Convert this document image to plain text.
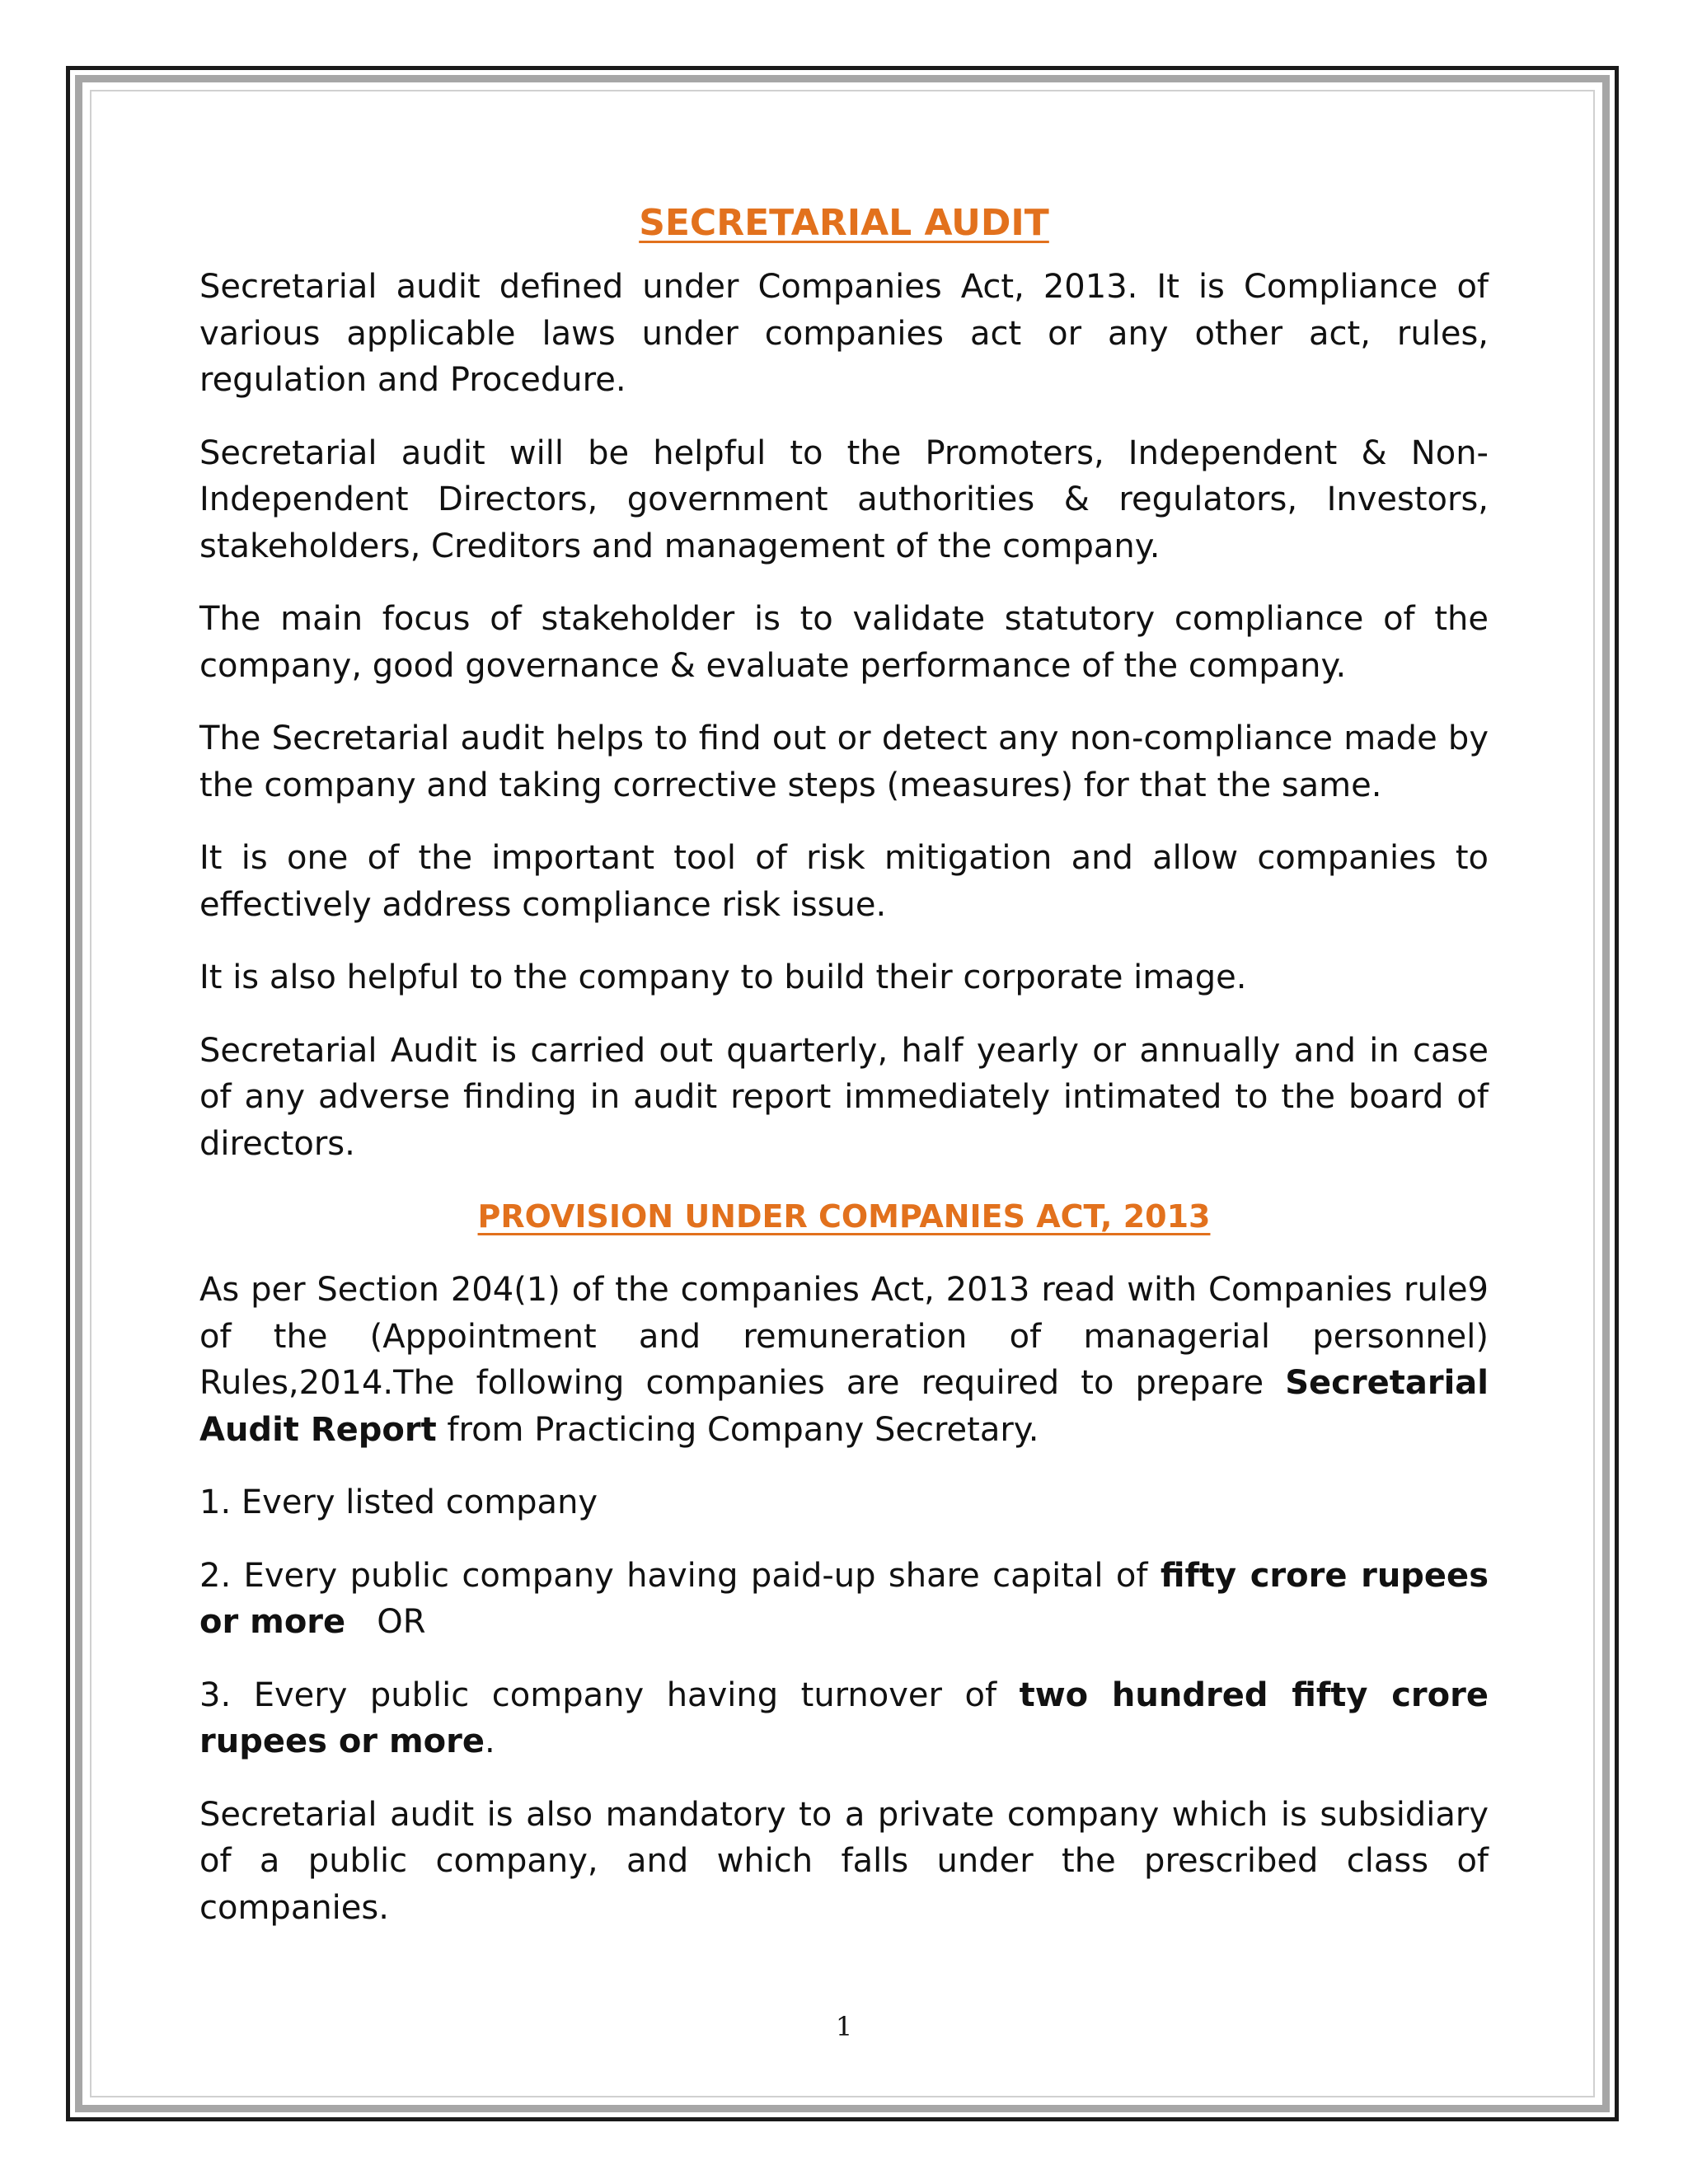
SECRETARIAL AUDIT

Secretarial audit defined under Companies Act, 2013. It is Compliance of various applicable laws under companies act or any other act, rules, regulation and Procedure.

Secretarial audit will be helpful to the Promoters, Independent & Non-Independent Directors, government authorities & regulators, Investors, stakeholders, Creditors and management of the company.

The main focus of stakeholder is to validate statutory compliance of the company, good governance & evaluate performance of the company.

The Secretarial audit helps to find out or detect any non-compliance made by the company and taking corrective steps (measures) for that the same.

It is one of the important tool of risk mitigation and allow companies to effectively address compliance risk issue.

It is also helpful to the company to build their corporate image.

Secretarial Audit is carried out quarterly, half yearly or annually and in case of any adverse finding in audit report immediately intimated to the board of directors.

PROVISION UNDER COMPANIES ACT, 2013

As per Section 204(1) of the companies Act, 2013 read with Companies rule9 of the (Appointment and remuneration of managerial personnel) Rules,2014.The following companies are required to prepare Secretarial Audit Report from Practicing Company Secretary.

1. Every listed company

2. Every public company having paid-up share capital of fifty crore rupees or more   OR

3. Every public company having turnover of two hundred fifty crore rupees or more.

Secretarial audit is also mandatory to a private company which is subsidiary of a public company, and which falls under the prescribed class of companies.

1
